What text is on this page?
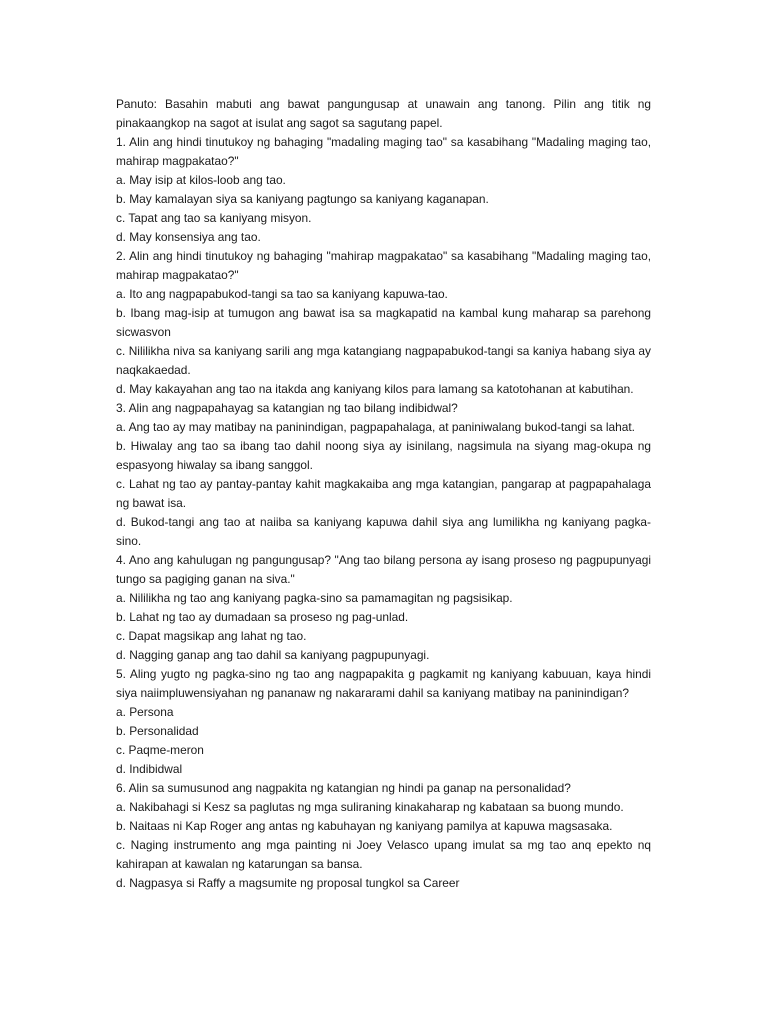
Panuto: Basahin mabuti ang bawat pangungusap at unawain ang tanong. Pilin ang titik ng pinakaangkop na sagot at isulat ang sagot sa sagutang papel.
1. Alin ang hindi tinutukoy ng bahaging "madaling maging tao" sa kasabihang "Madaling maging tao, mahirap magpakatao?"
a. May isip at kilos-loob ang tao.
b. May kamalayan siya sa kaniyang pagtungo sa kaniyang kaganapan.
c. Tapat ang tao sa kaniyang misyon.
d. May konsensiya ang tao.
2. Alin ang hindi tinutukoy ng bahaging "mahirap magpakatao" sa kasabihang "Madaling maging tao, mahirap magpakatao?"
a. Ito ang nagpapabukod-tangi sa tao sa kaniyang kapuwa-tao.
b. Ibang mag-isip at tumugon ang bawat isa sa magkapatid na kambal kung maharap sa parehong sicwasvon
c. Nililikha niva sa kaniyang sarili ang mga katangiang nagpapabukod-tangi sa kaniya habang siya ay naqkakaedad.
d. May kakayahan ang tao na itakda ang kaniyang kilos para lamang sa katotohanan at kabutihan.
3. Alin ang nagpapahayag sa katangian ng tao bilang indibidwal?
a. Ang tao ay may matibay na paninindigan, pagpapahalaga, at paniniwalang bukod-tangi sa lahat.
b. Hiwalay ang tao sa ibang tao dahil noong siya ay isinilang, nagsimula na siyang mag-okupa ng espasyong hiwalay sa ibang sanggol.
c. Lahat ng tao ay pantay-pantay kahit magkakaiba ang mga katangian, pangarap at pagpapahalaga ng bawat isa.
d. Bukod-tangi ang tao at naiiba sa kaniyang kapuwa dahil siya ang lumilikha ng kaniyang pagka-sino.
4. Ano ang kahulugan ng pangungusap? "Ang tao bilang persona ay isang proseso ng pagpupunyagi tungo sa pagiging ganan na siva."
a. Nililikha ng tao ang kaniyang pagka-sino sa pamamagitan ng pagsisikap.
b. Lahat ng tao ay dumadaan sa proseso ng pag-unlad.
c. Dapat magsikap ang lahat ng tao.
d. Nagging ganap ang tao dahil sa kaniyang pagpupunyagi.
5. Aling yugto ng pagka-sino ng tao ang nagpapakita g pagkamit ng kaniyang kabuuan, kaya hindi siya naiimpluwensiyahan ng pananaw ng nakararami dahil sa kaniyang matibay na paninindigan?
a. Persona
b. Personalidad
c. Paqme-meron
d. Indibidwal
6. Alin sa sumusunod ang nagpakita ng katangian ng hindi pa ganap na personalidad?
a. Nakibahagi si Kesz sa paglutas ng mga suliraning kinakaharap ng kabataan sa buong mundo.
b. Naitaas ni Kap Roger ang antas ng kabuhayan ng kaniyang pamilya at kapuwa magsasaka.
c. Naging instrumento ang mga painting ni Joey Velasco upang imulat sa mg tao anq epekto nq kahirapan at kawalan ng katarungan sa bansa.
d. Nagpasya si Raffy a magsumite ng proposal tungkol sa Career
